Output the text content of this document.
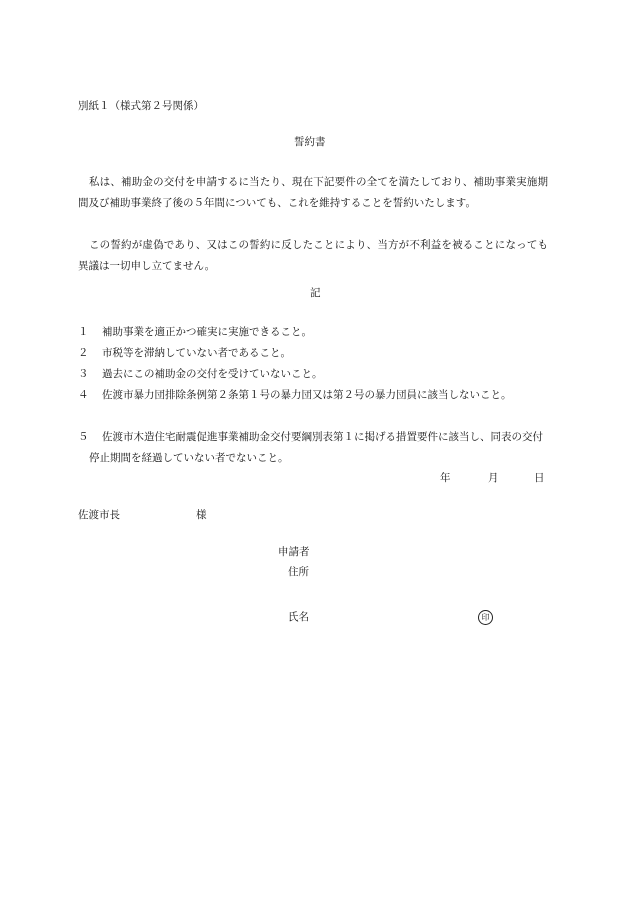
別紙１（様式第２号関係）
誓約書
私は、補助金の交付を申請するに当たり、現在下記要件の全てを満たしており、補助事業実施期間及び補助事業終了後の５年間についても、これを維持することを誓約いたします。
この誓約が虚偽であり、又はこの誓約に反したことにより、当方が不利益を被ることになっても異議は一切申し立てません。
記
１	補助事業を適正かつ確実に実施できること。
２	市税等を滞納していない者であること。
３	過去にこの補助金の交付を受けていないこと。
４	佐渡市暴力団排除条例第２条第１号の暴力団又は第２号の暴力団員に該当しないこと。
５	佐渡市木造住宅耐震促進事業補助金交付要綱別表第１に掲げる措置要件に該当し、同表の交付停止期間を経過していない者でないこと。
年	月	日
佐渡市長	様
申請者
住所
氏名	印
